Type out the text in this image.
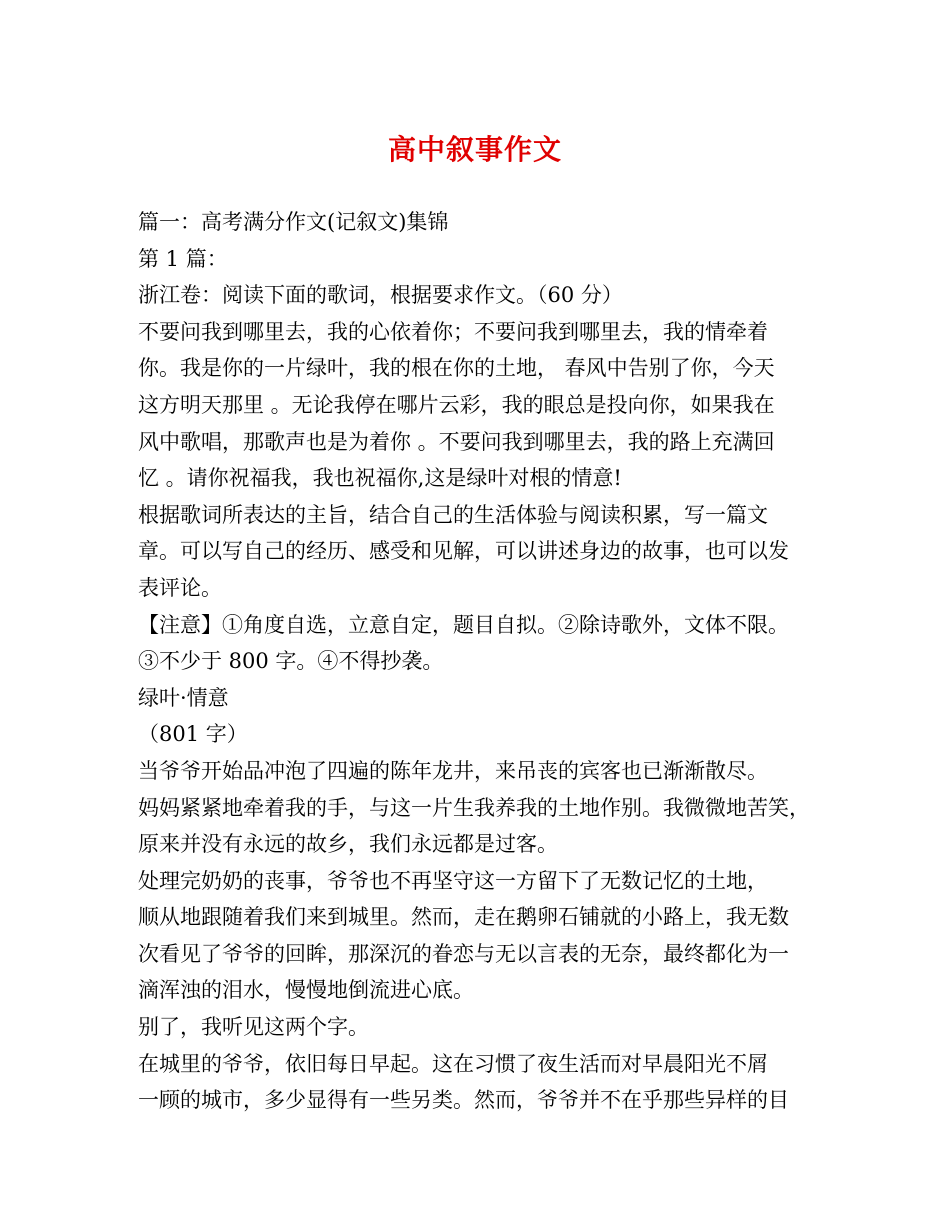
高中叙事作文
篇一：高考满分作文(记叙文)集锦
第 1 篇：
浙江卷：阅读下面的歌词，根据要求作文。（60 分）
不要问我到哪里去，我的心依着你；不要问我到哪里去，我的情牵着
你。我是你的一片绿叶，我的根在你的土地， 春风中告别了你，今天
这方明天那里 。无论我停在哪片云彩，我的眼总是投向你，如果我在
风中歌唱，那歌声也是为着你 。不要问我到哪里去，我的路上充满回
忆 。请你祝福我，我也祝福你,这是绿叶对根的情意!
根据歌词所表达的主旨，结合自己的生活体验与阅读积累，写一篇文
章。可以写自己的经历、感受和见解，可以讲述身边的故事，也可以发
表评论。
【注意】①角度自选，立意自定，题目自拟。②除诗歌外，文体不限。
③不少于 800 字。④不得抄袭。
绿叶·情意
（801 字）
当爷爷开始品冲泡了四遍的陈年龙井，来吊丧的宾客也已渐渐散尽。
妈妈紧紧地牵着我的手，与这一片生我养我的土地作别。我微微地苦笑，
原来并没有永远的故乡，我们永远都是过客。
处理完奶奶的丧事，爷爷也不再坚守这一方留下了无数记忆的土地，
顺从地跟随着我们来到城里。然而，走在鹅卵石铺就的小路上，我无数
次看见了爷爷的回眸，那深沉的眷恋与无以言表的无奈，最终都化为一
滴浑浊的泪水，慢慢地倒流进心底。
别了，我听见这两个字。
在城里的爷爷，依旧每日早起。这在习惯了夜生活而对早晨阳光不屑
一顾的城市，多少显得有一些另类。然而，爷爷并不在乎那些异样的目
